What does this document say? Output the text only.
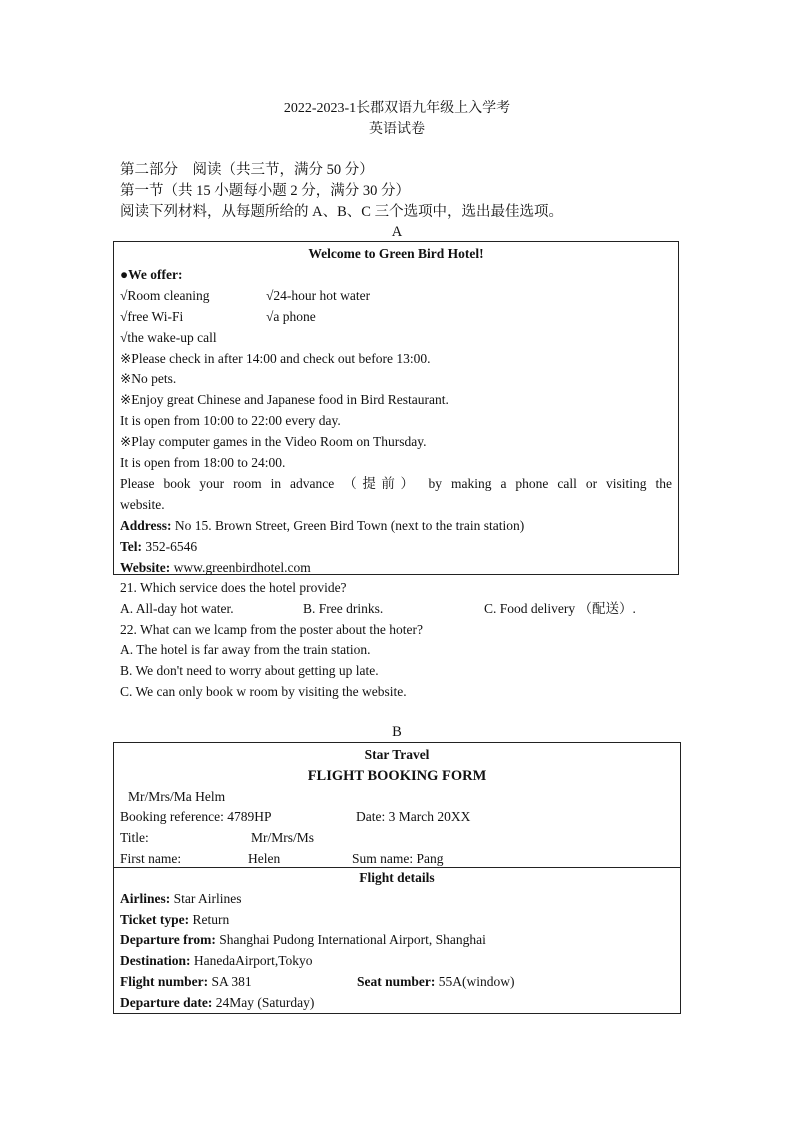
2022-2023-1长郡双语九年级上入学考
英语试卷
第二部分　阅读（共三节，满分 50 分）
第一节（共 15 小题每小题 2 分，满分 30 分）
阅读下列材料，从每题所给的 A、B、C 三个选项中，选出最佳选项。
A
Welcome to Green Bird Hotel!
●We offer:
√Room cleaning	√24-hour hot water
√free Wi-Fi	√a phone
√the wake-up call
※Please check in after 14:00 and check out before 13:00.
※No pets.
※Enjoy great Chinese and Japanese food in Bird Restaurant.
It is open from 10:00 to 22:00 every day.
※Play computer games in the Video Room on Thursday.
It is open from 18:00 to 24:00.
Please book your room in advance （提前） by making a phone call or visiting the
website.
Address: No 15. Brown Street, Green Bird Town (next to the train station)
Tel: 352-6546
Website: www.greenbirdhotel.com
21. Which service does the hotel provide?
A. All-day hot water.	B. Free drinks.	C. Food delivery （配送）.
22. What can we lcamp from the poster about the hoter?
A. The hotel is far away from the train station.
B. We don't need to worry about getting up late.
C. We can only book w room by visiting the website.
B
Star Travel
FLIGHT BOOKING FORM
Mr/Mrs/Ma Helm
Booking reference: 4789HP	Date: 3 March 20XX
Title:	Mr/Mrs/Ms
First name:	Helen	Sum name: Pang
Flight details
Airlines: Star Airlines
Ticket type: Return
Departure from: Shanghai Pudong International Airport, Shanghai
Destination: HanedaAirport,Tokyo
Flight number: SA 381	Seat number: 55A(window)
Departure date: 24May (Saturday)
